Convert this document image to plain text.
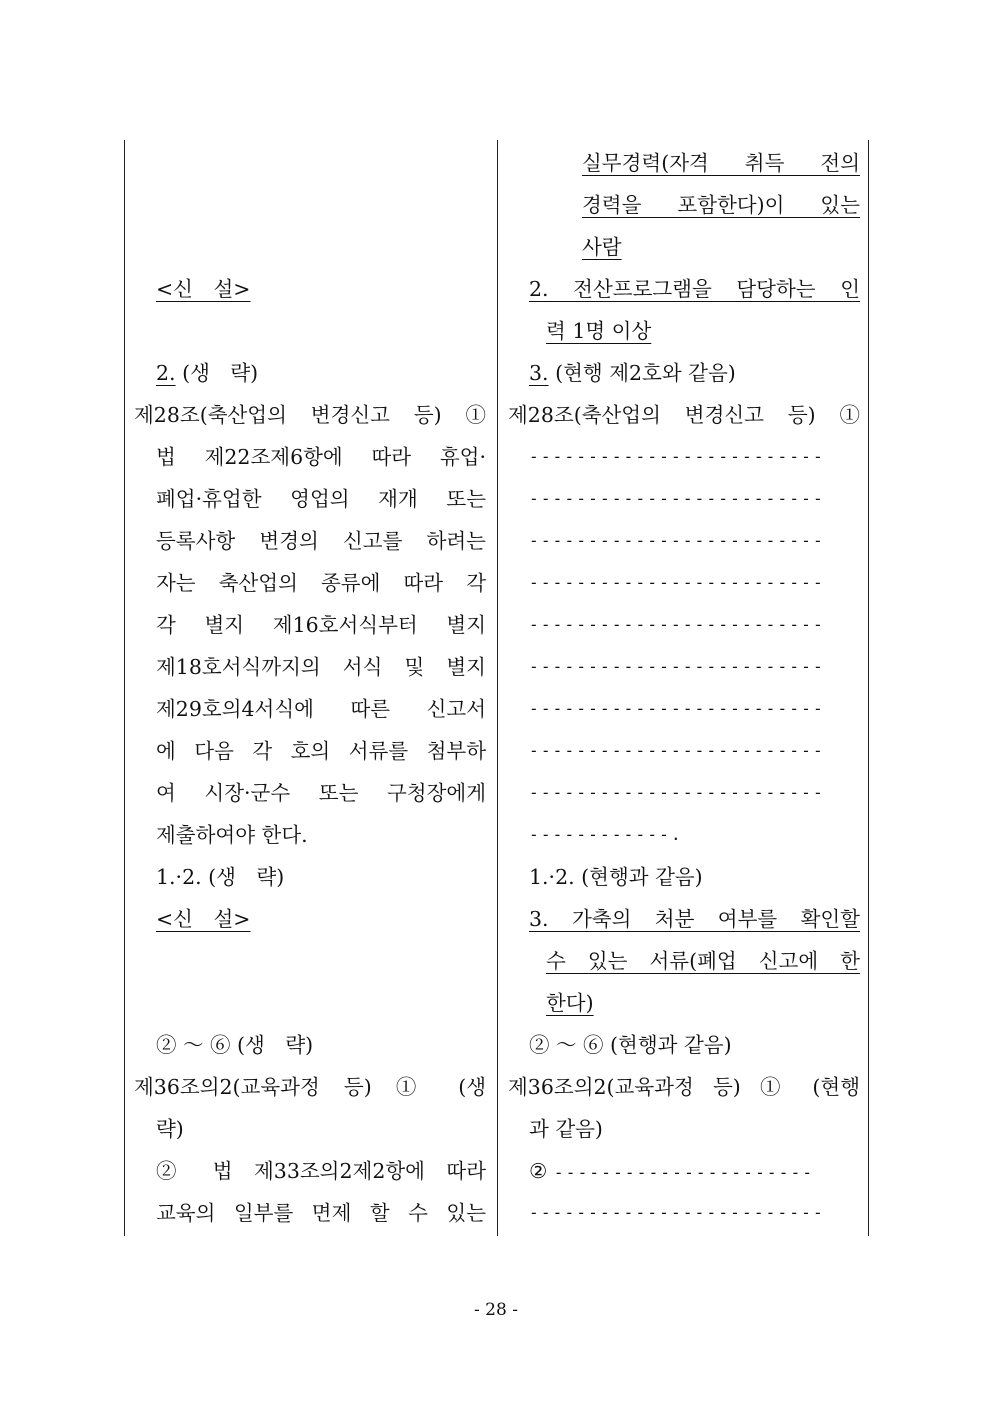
<신　설>
2. (생　략)
제28조(축산업의 변경신고 등) ①
법 제22조제6항에 따라 휴업·
폐업·휴업한 영업의 재개 또는
등록사항 변경의 신고를 하려는
자는 축산업의 종류에 따라 각
각 별지 제16호서식부터 별지
제18호서식까지의 서식 및 별지
제29호의4서식에 따른 신고서
에 다음 각 호의 서류를 첨부하
여 시장·군수 또는 구청장에게
제출하여야 한다.
1.·2. (생　략)
<신　설>
② ～ ⑥ (생　략)
제36조의2(교육과정 등) ① (생
략)
② 법 제33조의2제2항에 따라
교육의 일부를 면제 할 수 있는
실무경력(자격 취득 전의
경력을 포함한다)이 있는
사람
2. 전산프로그램을 담당하는 인
력 1명 이상
3. (현행 제2호와 같음)
제28조(축산업의 변경신고 등) ①
-------------------------
-------------------------
-------------------------
-------------------------
-------------------------
-------------------------
-------------------------
-------------------------
-------------------------
------------.
1.·2. (현행과 같음)
3. 가축의 처분 여부를 확인할
수 있는 서류(폐업 신고에 한
한다)
② ～ ⑥ (현행과 같음)
제36조의2(교육과정 등) ① (현행
과 같음)
② ----------------------
-------------------------
- 28 -
